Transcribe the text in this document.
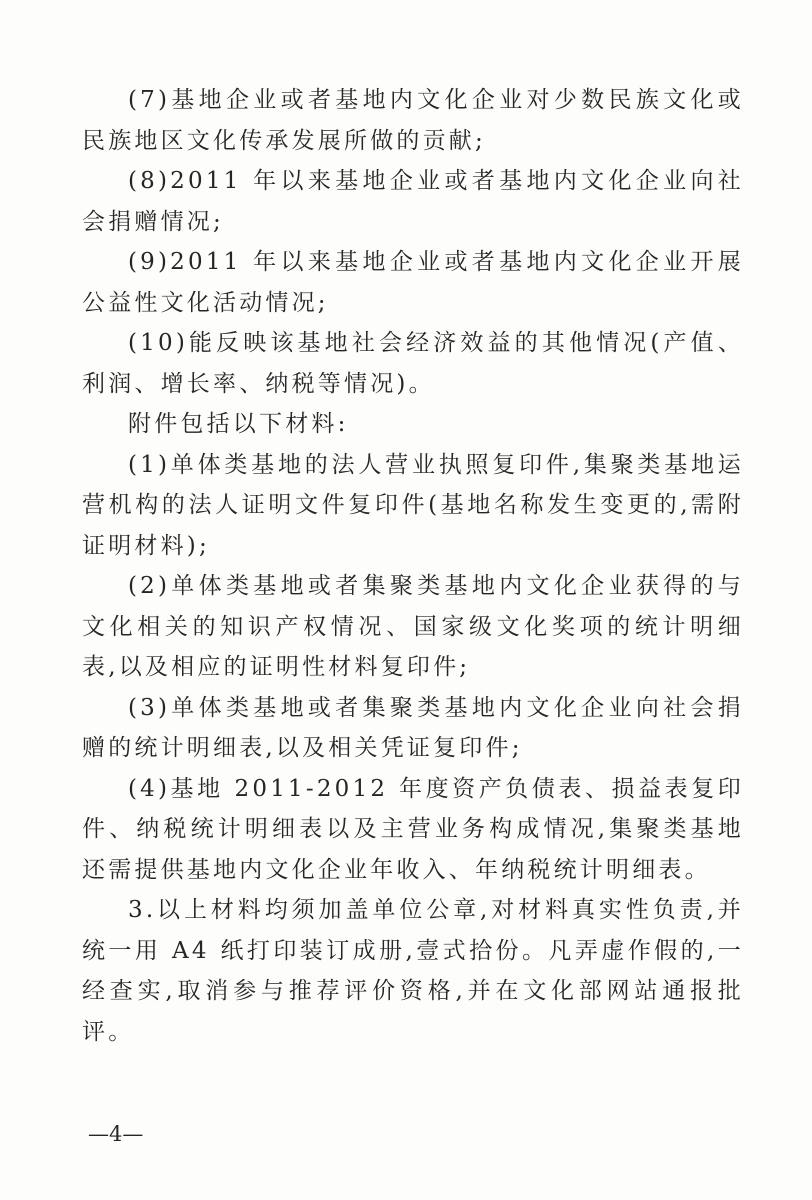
(7)基地企业或者基地内文化企业对少数民族文化或民族地区文化传承发展所做的贡献;

(8)2011 年以来基地企业或者基地内文化企业向社会捐赠情况;

(9)2011 年以来基地企业或者基地内文化企业开展公益性文化活动情况;

(10)能反映该基地社会经济效益的其他情况(产值、利润、增长率、纳税等情况)。

附件包括以下材料:

(1)单体类基地的法人营业执照复印件,集聚类基地运营机构的法人证明文件复印件(基地名称发生变更的,需附证明材料);

(2)单体类基地或者集聚类基地内文化企业获得的与文化相关的知识产权情况、国家级文化奖项的统计明细表,以及相应的证明性材料复印件;

(3)单体类基地或者集聚类基地内文化企业向社会捐赠的统计明细表,以及相关凭证复印件;

(4)基地 2011-2012 年度资产负债表、损益表复印件、纳税统计明细表以及主营业务构成情况,集聚类基地还需提供基地内文化企业年收入、年纳税统计明细表。

3.以上材料均须加盖单位公章,对材料真实性负责,并统一用 A4 纸打印装订成册,壹式拾份。凡弄虚作假的,一经查实,取消参与推荐评价资格,并在文化部网站通报批评。

—4—
